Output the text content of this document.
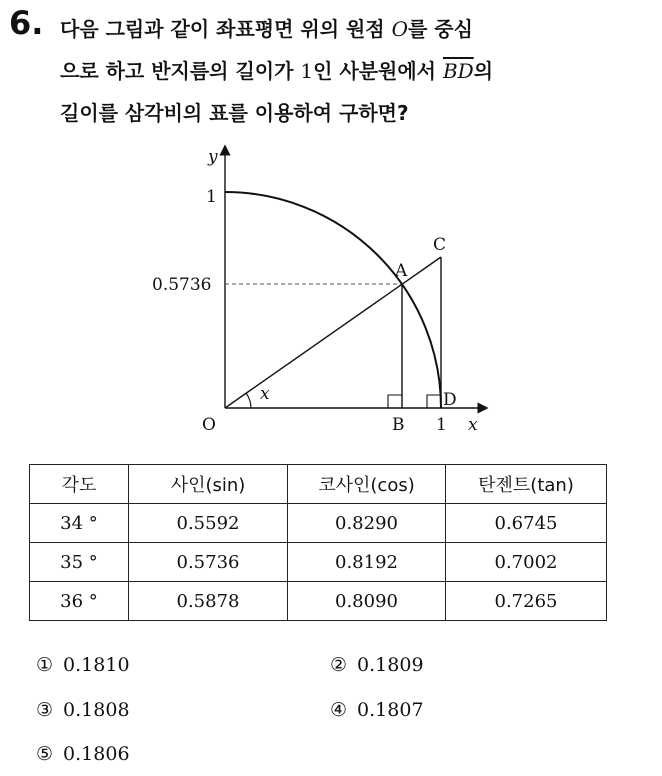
6. 다음 그림과 같이 좌표평면 위의 원점 O를 중심
으로 하고 반지름의 길이가 1인 사분원에서 $\overline{BD}$의
길이를 삼각비의 표를 이용하여 구하면?
y
1
0.5736
A
C
D
x
O	B 1 x
각도	사인(sin)	코사인(cos)	탄젠트(tan)
34 °	0.5592	0.8290	0.6745
35 °	0.5736	0.8192	0.7002
36 °	0.5878	0.8090	0.7265
① 0.1810	② 0.1809
③ 0.1808	④ 0.1807
⑤ 0.1806
